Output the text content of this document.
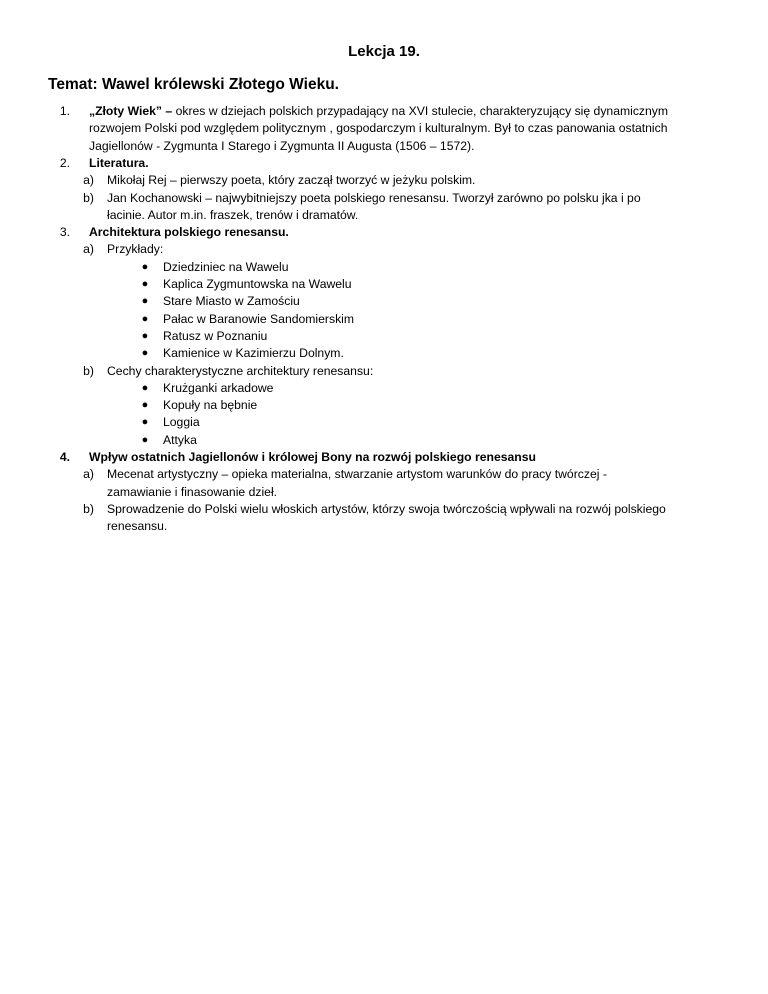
Lekcja 19.
Temat: Wawel królewski Złotego Wieku.
1. „Złoty Wiek” – okres w dziejach polskich przypadający na XVI stulecie, charakteryzujący się dynamicznym
rozwojem Polski pod względem politycznym , gospodarczym i kulturalnym. Był to czas panowania ostatnich
Jagiellonów - Zygmunta I Starego i Zygmunta II Augusta (1506 – 1572).
2. Literatura.
a) Mikołaj Rej – pierwszy poeta, który zaczął tworzyć w jeżyku polskim.
b) Jan Kochanowski – najwybitniejszy poeta polskiego renesansu. Tworzył zarówno po polsku jka i po
łacinie. Autor m.in. fraszek, trenów i dramatów.
3. Architektura polskiego renesansu.
a) Przykłady:
● Dziedziniec na Wawelu
● Kaplica Zygmuntowska na Wawelu
● Stare Miasto w Zamościu
● Pałac w Baranowie Sandomierskim
● Ratusz w Poznaniu
● Kamienice w Kazimierzu Dolnym.
b) Cechy charakterystyczne architektury renesansu:
● Krużganki arkadowe
● Kopuły na bębnie
● Loggia
● Attyka
4. Wpływ ostatnich Jagiellonów i królowej Bony na rozwój polskiego renesansu
a) Mecenat artystyczny – opieka materialna, stwarzanie artystom warunków do pracy twórczej -
zamawianie i finasowanie dzieł.
b) Sprowadzenie do Polski wielu włoskich artystów, którzy swoja twórczością wpływali na rozwój polskiego
renesansu.
